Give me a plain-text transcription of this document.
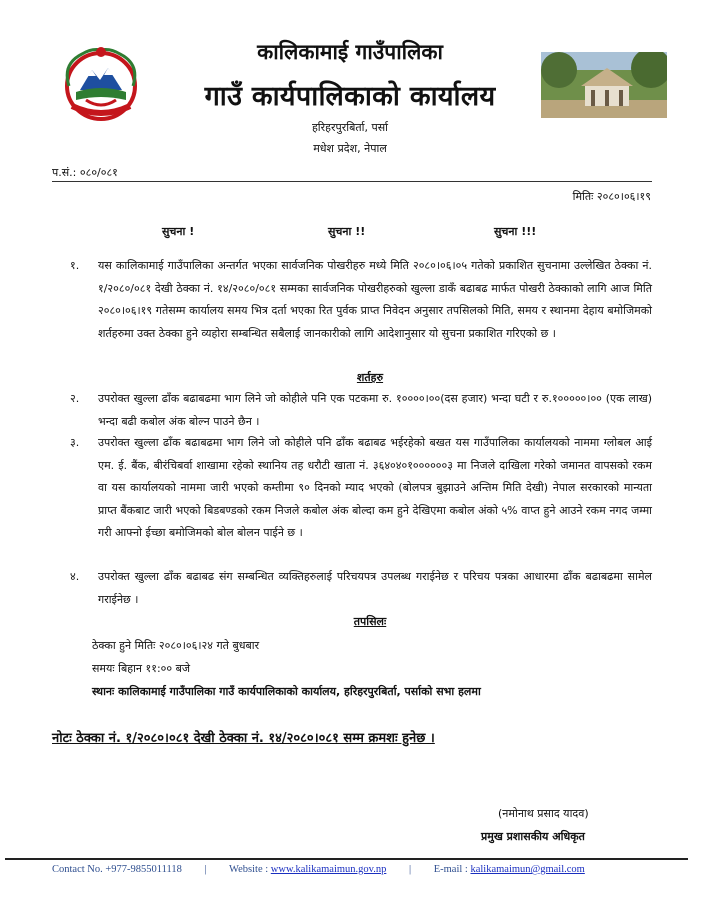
कालिकामाई गाउँपालिका
गाउँ कार्यपालिकाको कार्यालय
हरिहरपुरबिर्ता, पर्सा
मधेश प्रदेश, नेपाल
प.सं.: ०८०/०८१
मितिः २०८०।०६।१९
सुचना !	सुचना !!	सुचना !!!
१. यस कालिकामाई गाउँपालिका अन्तर्गत भएका सार्वजनिक पोखरीहरु मध्ये मिति २०८०।०६।०५ गतेको प्रकाशित सुचनामा उल्लेखित ठेक्का नं. १/२०८०/०८१ देखी ठेक्का नं. १४/२०८०/०८१ सम्मका सार्वजनिक पोखरीहरुको खुल्ला डाकँ बढाबढ मार्फत पोखरी ठेक्काको लागि आज मिति २०८०।०६।१९ गतेसम्म कार्यालय समय भित्र दर्ता भएका रित पुर्वक प्राप्त निवेदन अनुसार तपसिलको मिति, समय र स्थानमा देहाय बमोजिमको शर्तहरुमा उक्त ठेक्का हुने व्यहोरा सम्बन्धित सबैलाई जानकारीको लागि आदेशानुसार यो सुचना प्रकाशित गरिएको छ ।
शर्तहरु
२. उपरोक्त खुल्ला ढाँक बढाबढमा भाग लिने जो कोहीले पनि एक पटकमा रु. १००००।००(दस हजार) भन्दा घटी र रु.१०००००।०० (एक लाख) भन्दा बढी कबोल अंक बोल्न पाउने छैन ।
३. उपरोक्त खुल्ला ढाँक बढाबढमा भाग लिने जो कोहीले पनि ढाँक बढाबढ भईरहेको बखत यस गाउँपालिका कार्यालयको नाममा ग्लोबल आई एम. ई. बैंक, बीरंचिबर्वा शाखामा रहेको स्थानिय तह धरौटी खाता नं. ३६४०४०१००००००३ मा निजले दाखिला गरेको जमानत वापसको रकम वा यस कार्यालयको नाममा जारी भएको कम्तीमा ९० दिनको म्याद भएको (बोलपत्र बुझाउने अन्तिम मिति देखी) नेपाल सरकारको मान्यता प्राप्त बैंकबाट जारी भएको बिडबण्डको रकम निजले कबोल अंक बोल्दा कम हुने देखिएमा कबोल अंको ५% वाप्त हुने आउने रकम नगद जम्मा गरी आफ्नो ईच्छा बमोजिमको बोल बोलन पाईने छ ।
४. उपरोक्त खुल्ला ढाँक बढाबढ संग सम्बन्धित व्यक्तिहरुलाई परिचयपत्र उपलब्ध गराईनेछ र परिचय पत्रका आधारमा ढाँक बढाबढमा सामेल गराईनेछ ।
तपसिलः
ठेक्का हुने मितिः २०८०।०६।२४ गते बुधबार
समयः बिहान ११:०० बजे
स्थानः कालिकामाई गाउँपालिका गाउँ कार्यपालिकाको कार्यालय, हरिहरपुरबिर्ता, पर्साको सभा हलमा
नोटः ठेक्का नं. १/२०८०।०८१ देखी ठेक्का नं. १४/२०८०।०८१ सम्म क्रमशः हुनेछ ।
(नमोनाथ प्रसाद यादव)
प्रमुख प्रशासकीय अधिकृत
Contact No. +977-9855011118 | Website : www.kalikamaimun.gov.np | E-mail : kalikamaimun@gmail.com
